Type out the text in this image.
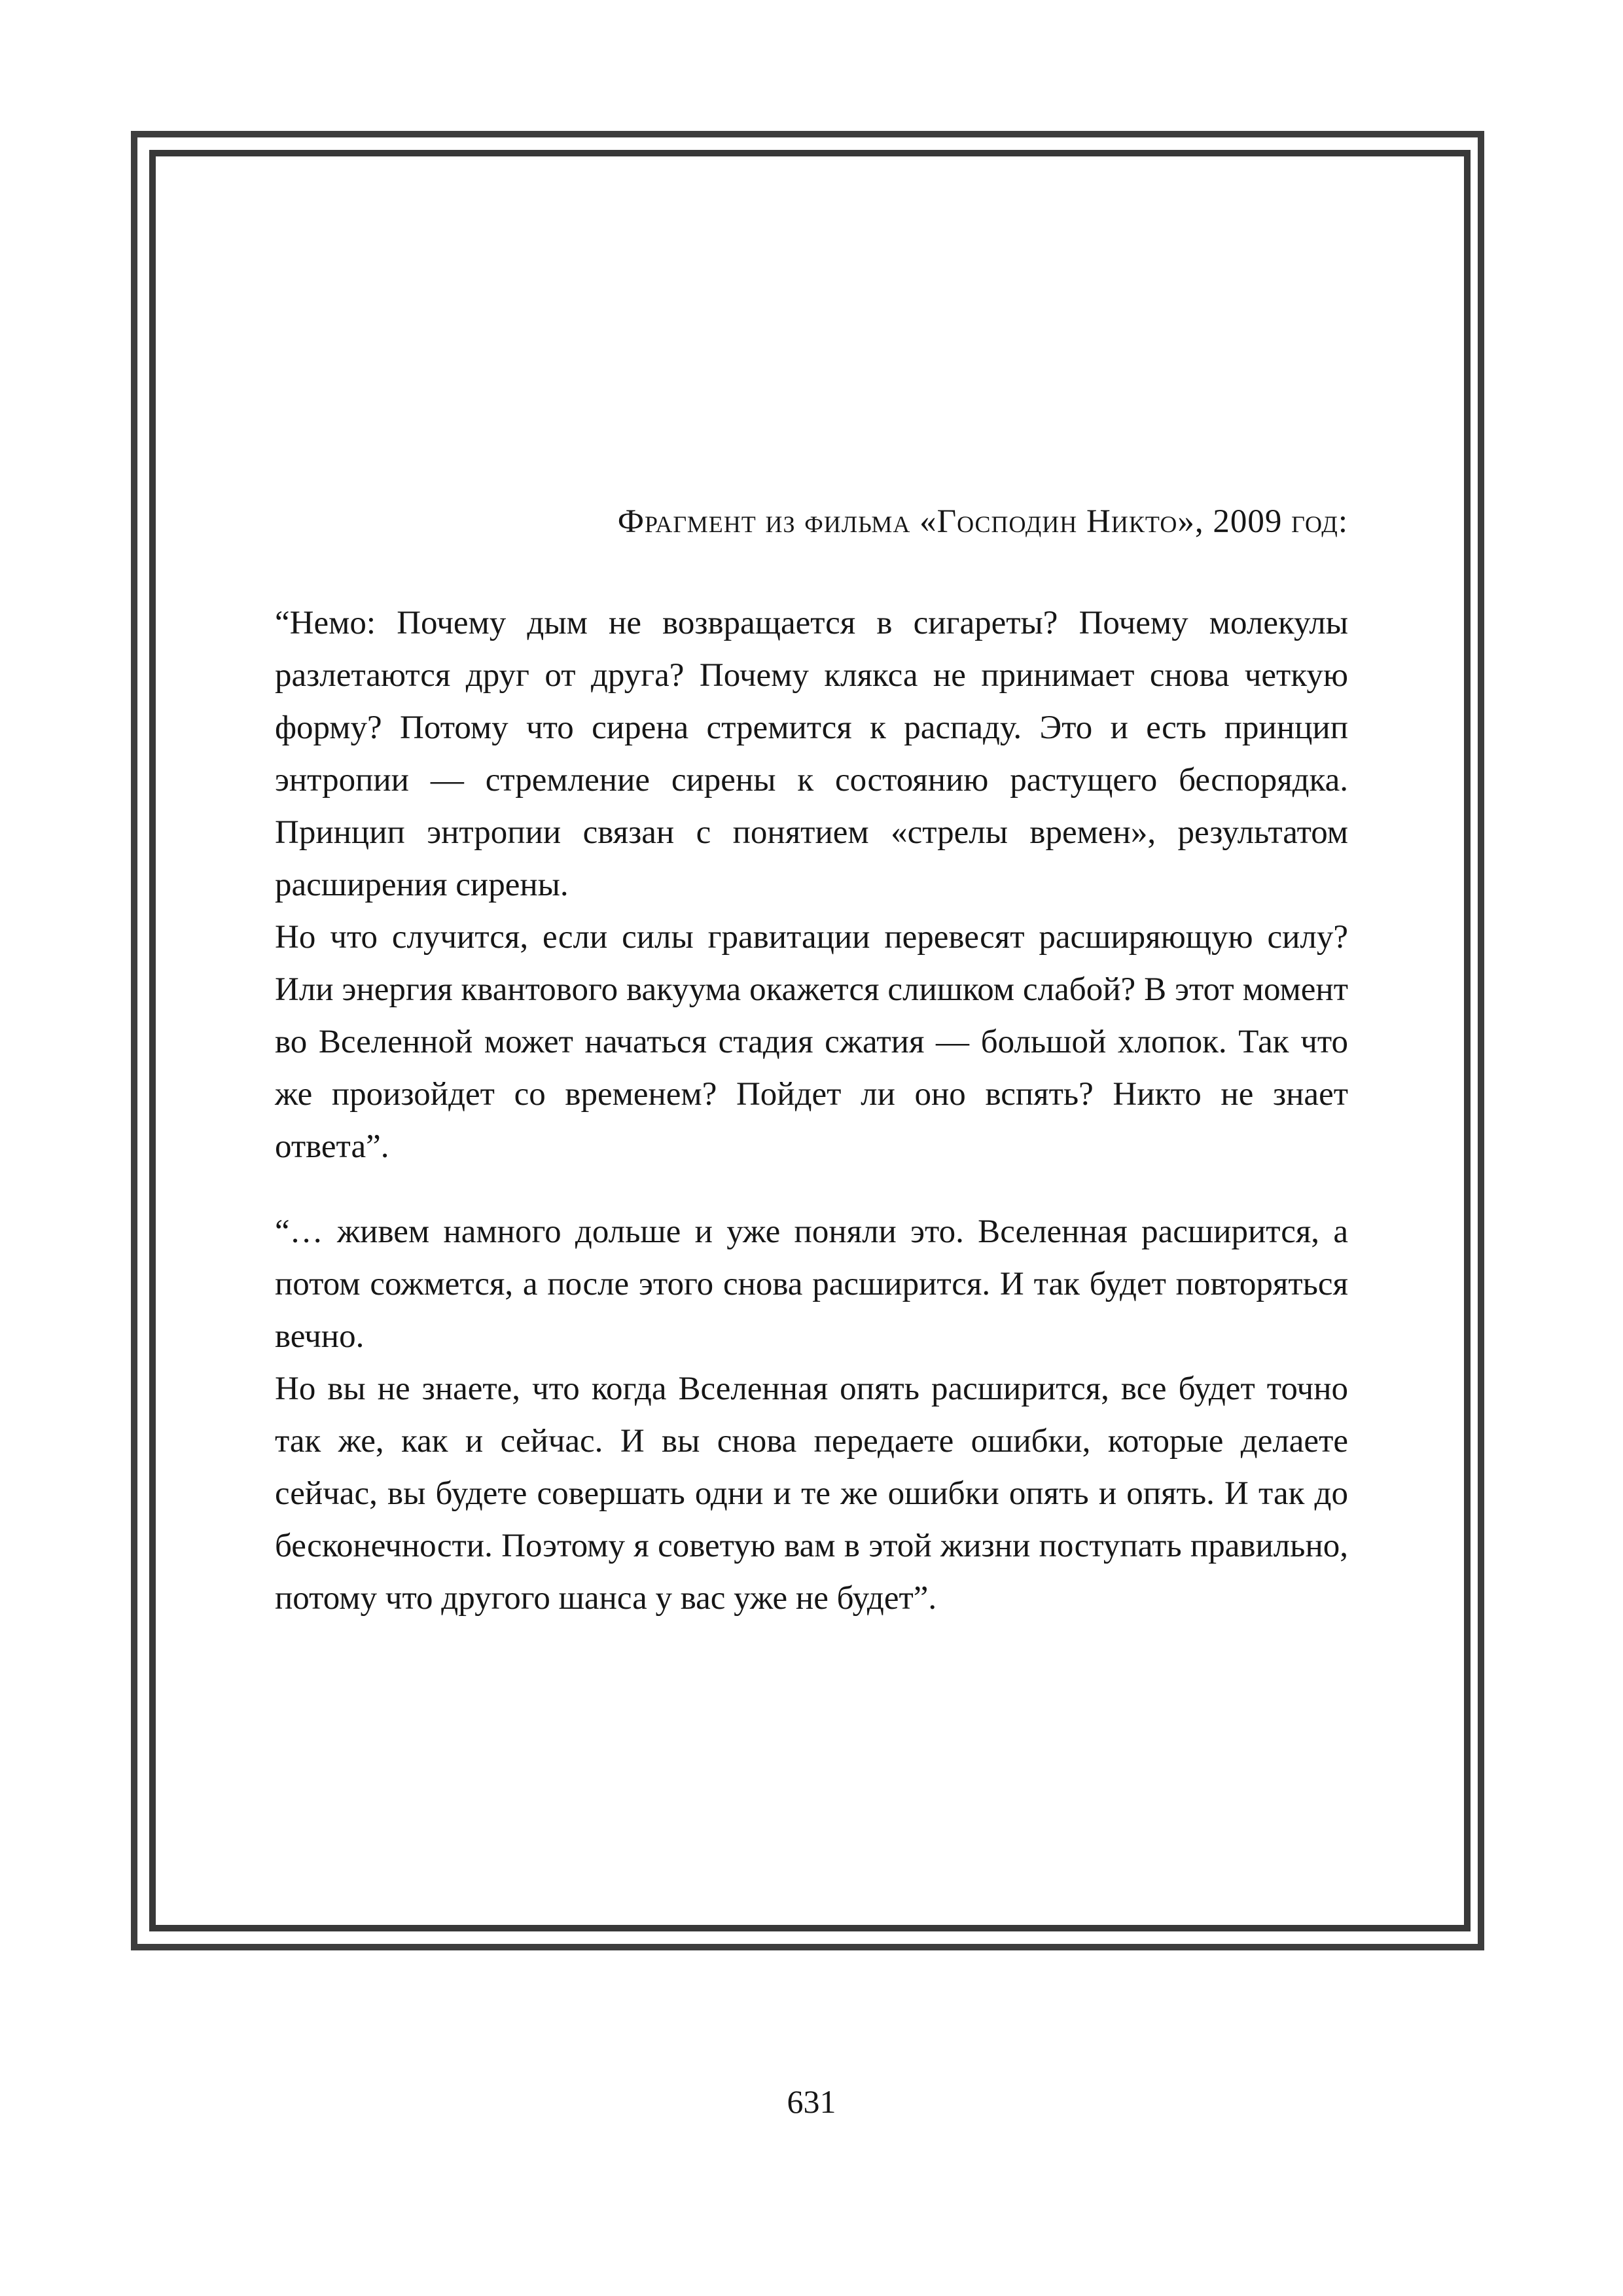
Фрагмент из фильма «Господин Никто», 2009 год:

“Немо: Почему дым не возвращается в сигареты? Почему молекулы разлетаются друг от друга? Почему клякса не принимает снова четкую форму? Потому что сирена стремится к распаду. Это и есть принцип энтропии — стремление сирены к состоянию растущего беспорядка. Принцип энтропии связан с понятием «стрелы времен», результатом расширения сирены.

Но что случится, если силы гравитации перевесят расширяющую силу? Или энергия квантового вакуума окажется слишком слабой? В этот момент во Вселенной может начаться стадия сжатия — большой хлопок. Так что же произойдет со временем? Пойдет ли оно вспять? Никто не знает ответа”.

“… живем намного дольше и уже поняли это. Вселенная расширится, а потом сожмется, а после этого снова расширится. И так будет повторяться вечно.

Но вы не знаете, что когда Вселенная опять расширится, все будет точно так же, как и сейчас. И вы снова передаете ошибки, которые делаете сейчас, вы будете совершать одни и те же ошибки опять и опять. И так до бесконечности. Поэтому я советую вам в этой жизни поступать правильно, потому что другого шанса у вас уже не будет”.

631
